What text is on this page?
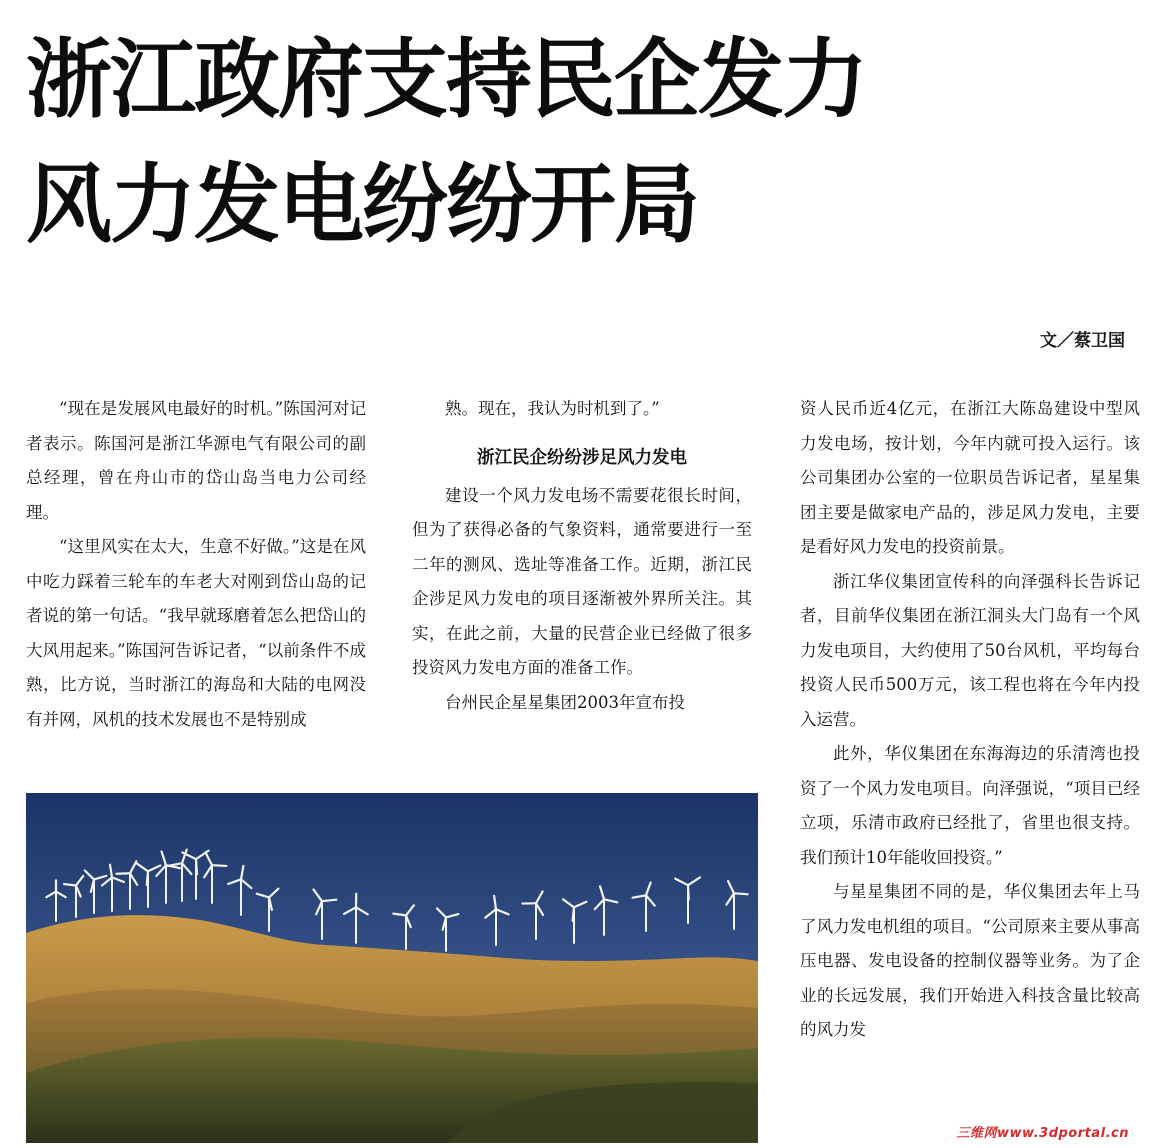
浙江政府支持民企发力
风力发电纷纷开局
文／蔡卫国

“现在是发展风电最好的时机。”陈国河对记者表示。陈国河是浙江华源电气有限公司的副总经理，曾在舟山市的岱山岛当电力公司经理。

“这里风实在太大，生意不好做。”这是在风中吃力踩着三轮车的车老大对刚到岱山岛的记者说的第一句话。“我早就琢磨着怎么把岱山的大风用起来。”陈国河告诉记者，“以前条件不成熟，比方说，当时浙江的海岛和大陆的电网没有并网，风机的技术发展也不是特别成

熟。现在，我认为时机到了。”

浙江民企纷纷涉足风力发电

建设一个风力发电场不需要花很长时间，但为了获得必备的气象资料，通常要进行一至二年的测风、选址等准备工作。近期，浙江民企涉足风力发电的项目逐渐被外界所关注。其实，在此之前，大量的民营企业已经做了很多投资风力发电方面的准备工作。

台州民企星星集团2003年宣布投

资人民币近4亿元，在浙江大陈岛建设中型风力发电场，按计划，今年内就可投入运行。该公司集团办公室的一位职员告诉记者，星星集团主要是做家电产品的，涉足风力发电，主要是看好风力发电的投资前景。

浙江华仪集团宣传科的向泽强科长告诉记者，目前华仪集团在浙江洞头大门岛有一个风力发电项目，大约使用了50台风机，平均每台投资人民币500万元，该工程也将在今年内投入运营。

此外，华仪集团在东海海边的乐清湾也投资了一个风力发电项目。向泽强说，“项目已经立项，乐清市政府已经批了，省里也很支持。我们预计10年能收回投资。”

与星星集团不同的是，华仪集团去年上马了风力发电机组的项目。“公司原来主要从事高压电器、发电设备的控制仪器等业务。为了企业的长远发展，我们开始进入科技含量比较高的风力发

三维网www.3dportal.cn
